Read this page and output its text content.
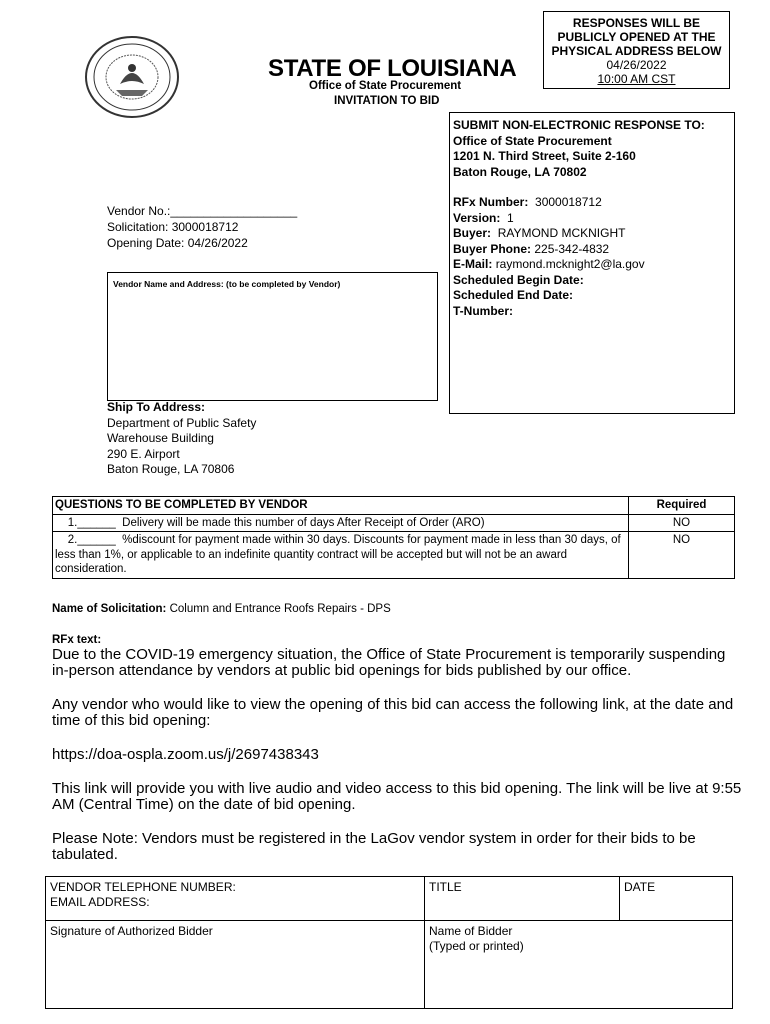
RESPONSES WILL BE
PUBLICLY OPENED AT THE
PHYSICAL ADDRESS BELOW
04/26/2022
10:00 AM CST
STATE OF LOUISIANA
Office of State Procurement
INVITATION TO BID
SUBMIT NON-ELECTRONIC RESPONSE TO:
Office of State Procurement
1201 N. Third Street, Suite 2-160
Baton Rouge, LA 70802
RFx Number: 3000018712
Version: 1
Buyer: RAYMOND MCKNIGHT
Buyer Phone: 225-342-4832
E-Mail: raymond.mcknight2@la.gov
Scheduled Begin Date:
Scheduled End Date:
T-Number:
Vendor No.:___________________
Solicitation: 3000018712
Opening Date: 04/26/2022
Vendor Name and Address: (to be completed by Vendor)
Ship To Address:
Department of Public Safety
Warehouse Building
290 E. Airport
Baton Rouge, LA 70806
QUESTIONS TO BE COMPLETED BY VENDOR	Required
1.______  Delivery will be made this number of days After Receipt of Order (ARO)	NO
2.______  %discount for payment made within 30 days. Discounts for payment made in less than 30 days, of less than 1%, or applicable to an indefinite quantity contract will be accepted but will not be an award consideration.	NO
Name of Solicitation: Column and Entrance Roofs Repairs - DPS
RFx text:

Due to the COVID-19 emergency situation, the Office of State Procurement is temporarily suspending in-person attendance by vendors at public bid openings for bids published by our office.

Any vendor who would like to view the opening of this bid can access the following link, at the date and time of this bid opening:

https://doa-ospla.zoom.us/j/2697438343

This link will provide you with live audio and video access to this bid opening. The link will be live at 9:55 AM (Central Time) on the date of bid opening.

Please Note: Vendors must be registered in the LaGov vendor system in order for their bids to be tabulated.

VENDOR TELEPHONE NUMBER:
EMAIL ADDRESS:	TITLE	DATE
Signature of Authorized Bidder	Name of Bidder
(Typed or printed)	
